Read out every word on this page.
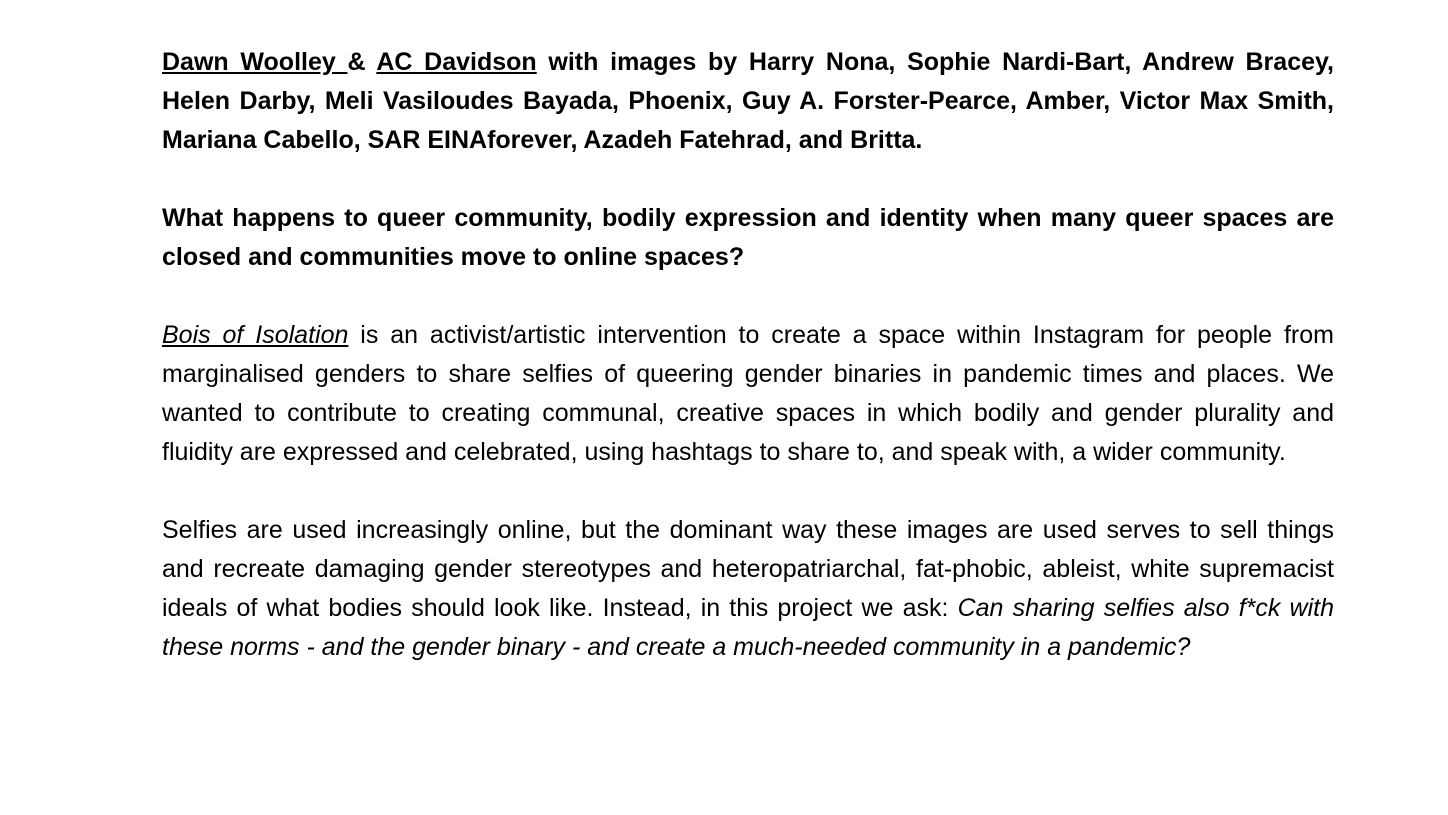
Dawn Woolley & AC Davidson with images by Harry Nona, Sophie Nardi-Bart, Andrew Bracey, Helen Darby, Meli Vasiloudes Bayada, Phoenix, Guy A. Forster-Pearce, Amber, Victor Max Smith, Mariana Cabello, SAR EINAforever, Azadeh Fatehrad, and Britta.

What happens to queer community, bodily expression and identity when many queer spaces are closed and communities move to online spaces?

Bois of Isolation is an activist/artistic intervention to create a space within Instagram for people from marginalised genders to share selfies of queering gender binaries in pandemic times and places. We wanted to contribute to creating communal, creative spaces in which bodily and gender plurality and fluidity are expressed and celebrated, using hashtags to share to, and speak with, a wider community.

Selfies are used increasingly online, but the dominant way these images are used serves to sell things and recreate damaging gender stereotypes and heteropatriarchal, fat-phobic, ableist, white supremacist ideals of what bodies should look like. Instead, in this project we ask: Can sharing selfies also f*ck with these norms - and the gender binary - and create a much-needed community in a pandemic?
